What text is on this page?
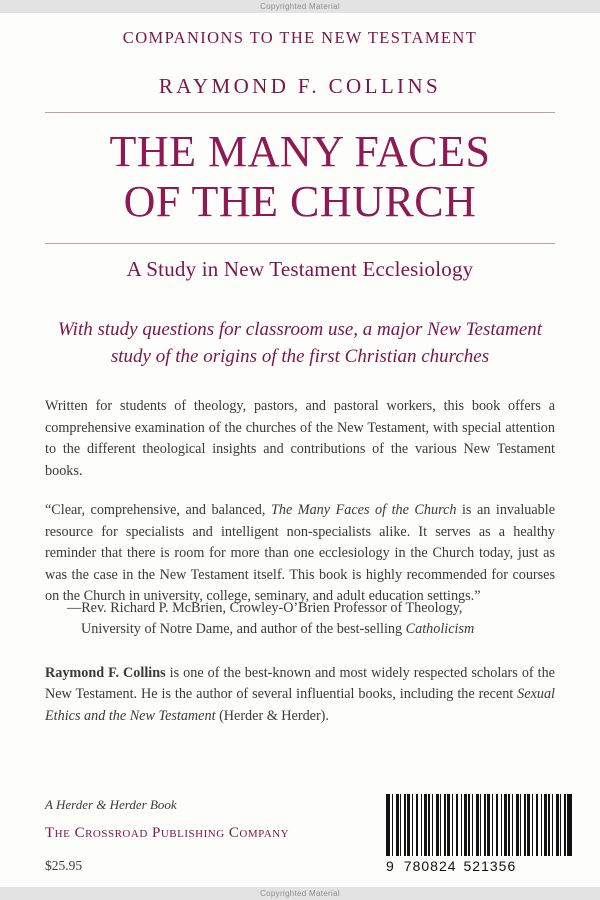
Copyrighted Material
COMPANIONS TO THE NEW TESTAMENT
RAYMOND F. COLLINS
THE MANY FACES
OF THE CHURCH
A Study in New Testament Ecclesiology
With study questions for classroom use, a major New Testament study of the origins of the first Christian churches

Written for students of theology, pastors, and pastoral workers, this book offers a comprehensive examination of the churches of the New Testament, with special attention to the different theological insights and contributions of the various New Testament books.

“Clear, comprehensive, and balanced, The Many Faces of the Church is an invaluable resource for specialists and intelligent non-specialists alike. It serves as a healthy reminder that there is room for more than one ecclesiology in the Church today, just as was the case in the New Testament itself. This book is highly recommended for courses on the Church in university, college, seminary, and adult education settings.”

—Rev. Richard P. McBrien, Crowley-O’Brien Professor of Theology,
University of Notre Dame, and author of the best-selling Catholicism

Raymond F. Collins is one of the best-known and most widely respected scholars of the New Testament. He is the author of several influential books, including the recent Sexual Ethics and the New Testament (Herder & Herder).

A Herder & Herder Book
The Crossroad Publishing Company
$25.95	9 780824 521356
Copyrighted Material
